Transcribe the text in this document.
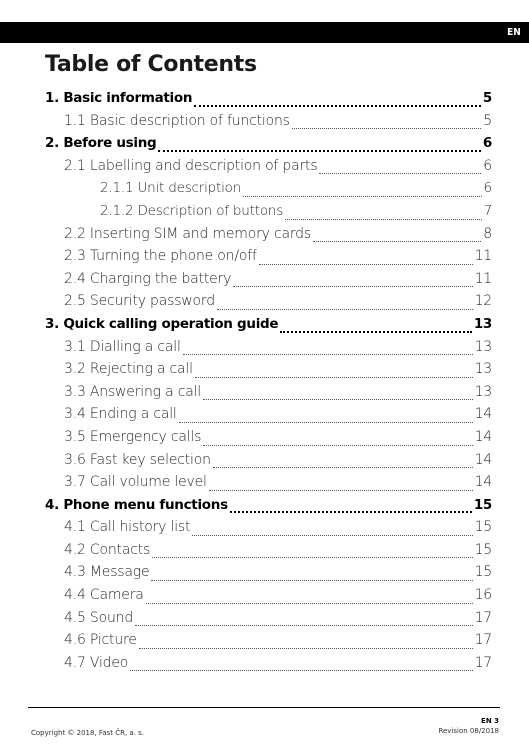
EN
Table of Contents
1. Basic information	5
1.1 Basic description of functions	5
2. Before using	6
2.1 Labelling and description of parts	6
2.1.1 Unit description	6
2.1.2 Description of buttons	7
2.2 Inserting SIM and memory cards	8
2.3 Turning the phone on/off	11
2.4 Charging the battery	11
2.5 Security password	12
3. Quick calling operation guide	13
3.1 Dialling a call	13
3.2 Rejecting a call	13
3.3 Answering a call	13
3.4 Ending a call	14
3.5 Emergency calls	14
3.6 Fast key selection	14
3.7 Call volume level	14
4. Phone menu functions	15
4.1 Call history list	15
4.2 Contacts	15
4.3 Message	15
4.4 Camera	16
4.5 Sound	17
4.6 Picture	17
4.7 Video	17
Copyright © 2018, Fast ČR, a. s.
EN 3
Revision 08/2018
